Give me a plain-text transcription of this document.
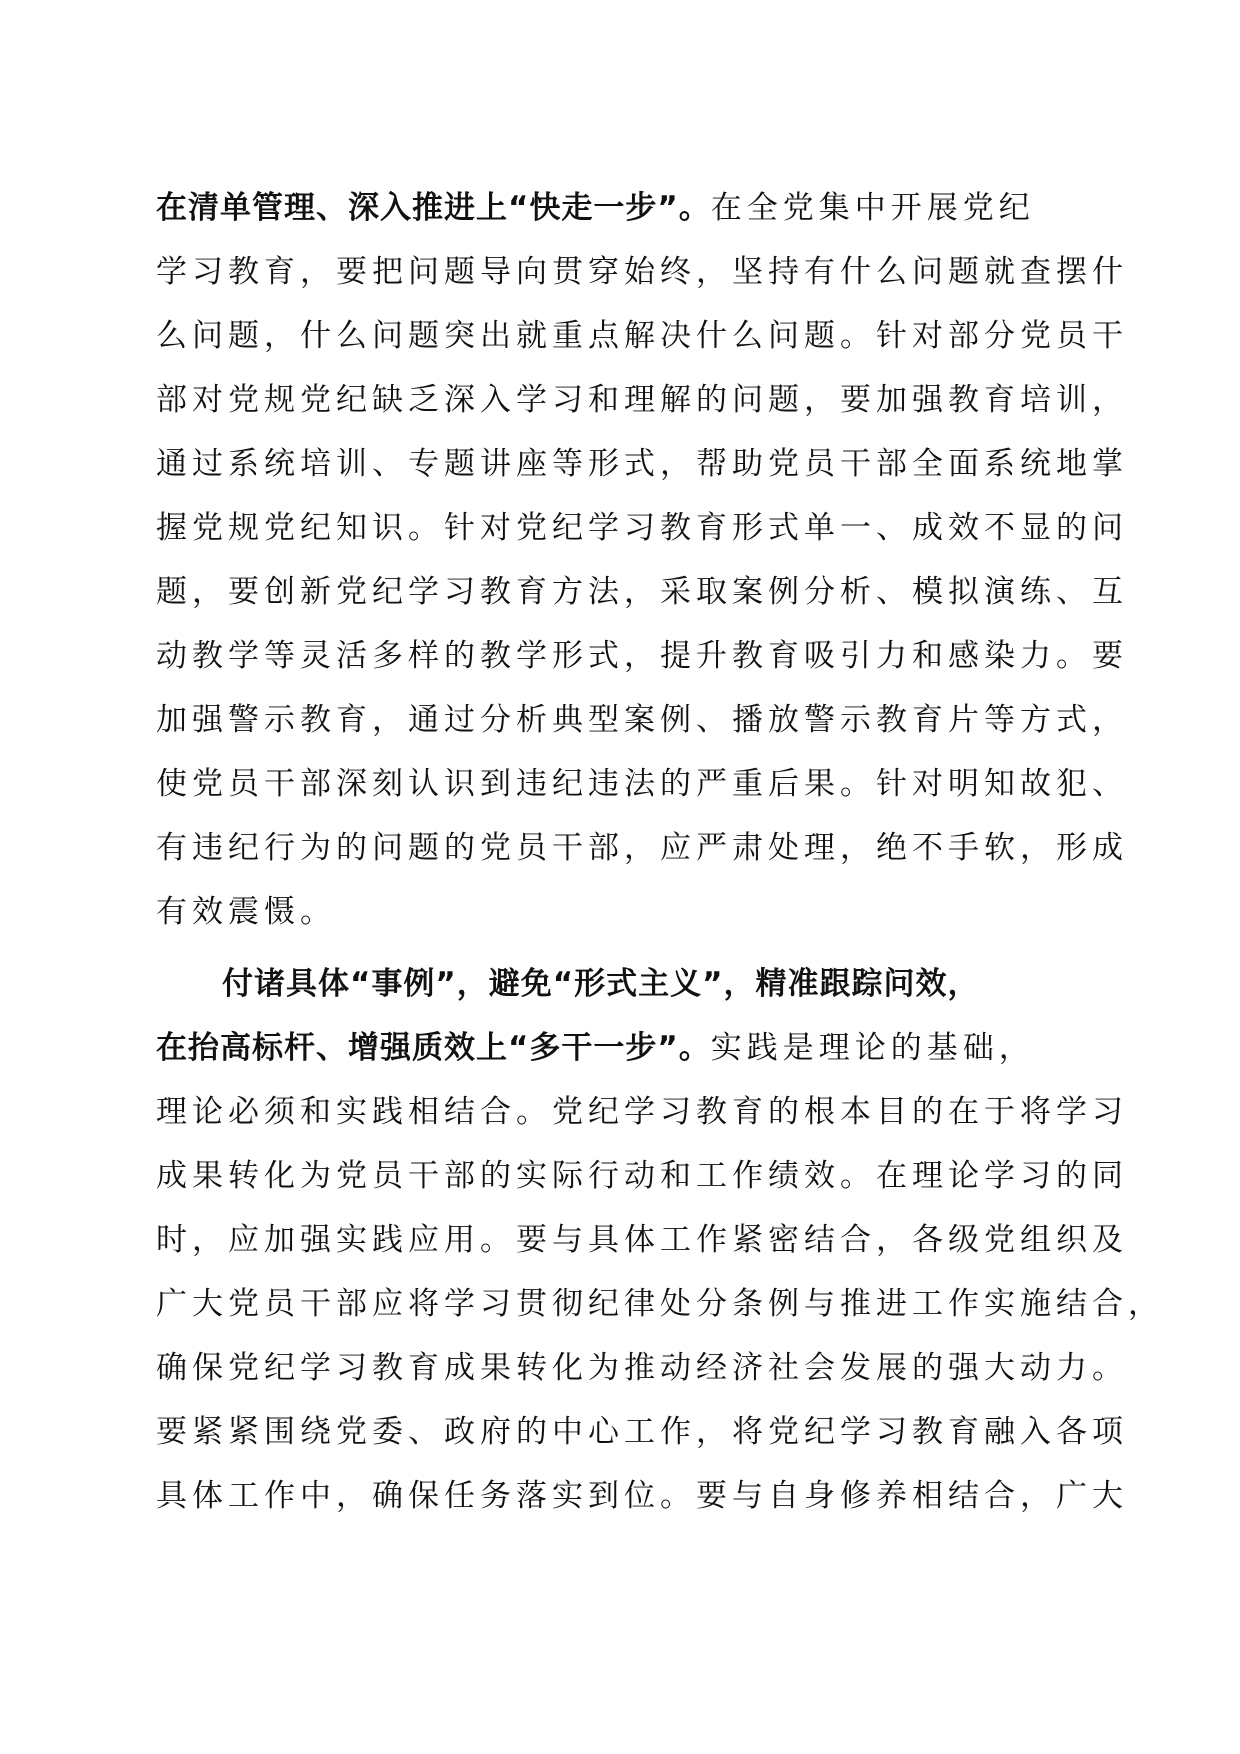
在清单管理、深入推进上“快走一步”。在全党集中开展党纪
学习教育，要把问题导向贯穿始终，坚持有什么问题就查摆什
么问题，什么问题突出就重点解决什么问题。针对部分党员干
部对党规党纪缺乏深入学习和理解的问题，要加强教育培训，
通过系统培训、专题讲座等形式，帮助党员干部全面系统地掌
握党规党纪知识。针对党纪学习教育形式单一、成效不显的问
题，要创新党纪学习教育方法，采取案例分析、模拟演练、互
动教学等灵活多样的教学形式，提升教育吸引力和感染力。要
加强警示教育，通过分析典型案例、播放警示教育片等方式，
使党员干部深刻认识到违纪违法的严重后果。针对明知故犯、
有违纪行为的问题的党员干部，应严肃处理，绝不手软，形成
有效震慑。
付诸具体“事例”，避免“形式主义”，精准跟踪问效，
在抬高标杆、增强质效上“多干一步”。实践是理论的基础，
理论必须和实践相结合。党纪学习教育的根本目的在于将学习
成果转化为党员干部的实际行动和工作绩效。在理论学习的同
时，应加强实践应用。要与具体工作紧密结合，各级党组织及
广大党员干部应将学习贯彻纪律处分条例与推进工作实施结合，
确保党纪学习教育成果转化为推动经济社会发展的强大动力。
要紧紧围绕党委、政府的中心工作，将党纪学习教育融入各项
具体工作中，确保任务落实到位。要与自身修养相结合，广大
